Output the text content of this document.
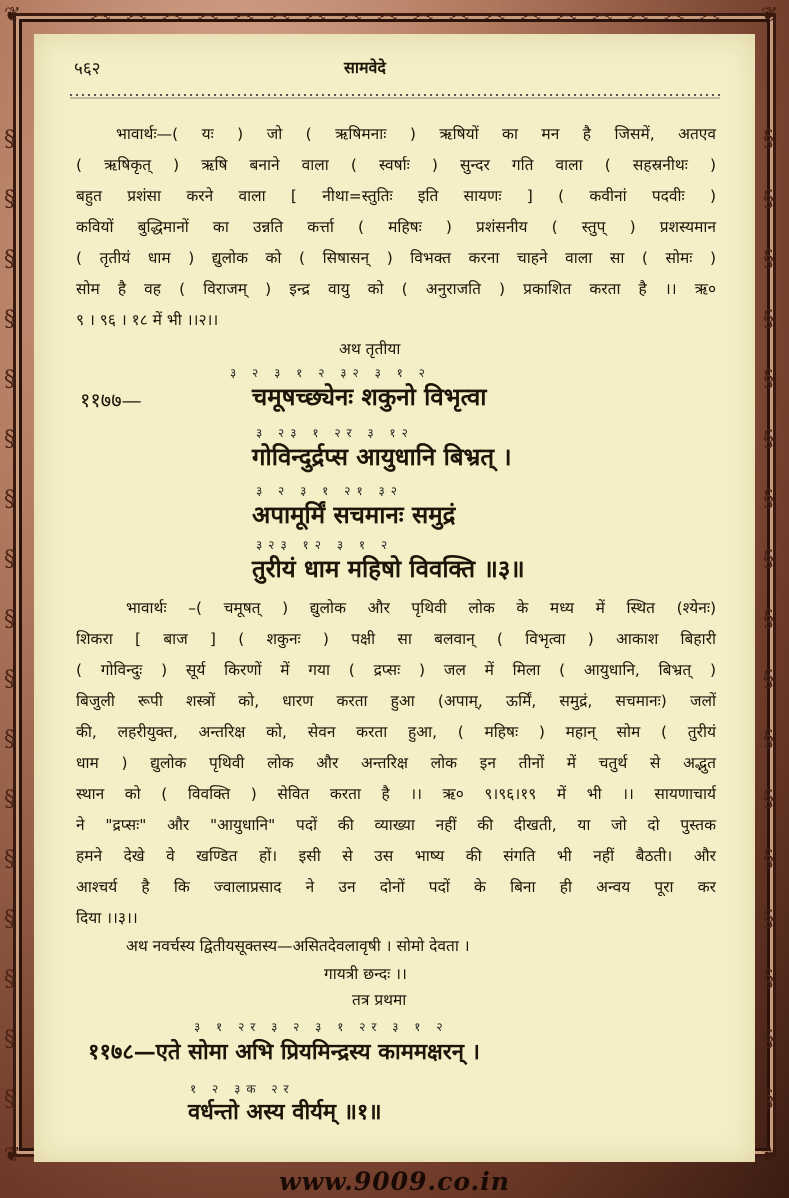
❦	❦
❦	❦
෴ ෴ ෴ ෴ ෴ ෴ ෴ ෴ ෴ ෴ ෴ ෴ ෴ ෴ ෴ ෴ ෴ ෴
§ § § § § § § § § § § § § § § § §
§ § § § § § § § § § § § § § § § §
५६२	सामवेदे
भावार्थः—( यः ) जो ( ऋषिमनाः ) ऋषियों का मन है जिसमें, अतएव
( ऋषिकृत् ) ऋषि बनाने वाला ( स्वर्षाः ) सुन्दर गति वाला ( सहस्रनीथः )
बहुत प्रशंसा करने वाला [ नीथा=स्तुतिः इति सायणः ] ( कवीनां पदवीः )
कवियों बुद्धिमानों का उन्नति कर्त्ता ( महिषः ) प्रशंसनीय ( स्तुप् ) प्रशस्यमान
( तृतीयं धाम ) द्युलोक को ( सिषासन् ) विभक्त करना चाहने वाला सा ( सोमः )
सोम है वह ( विराजम् ) इन्द्र वायु को ( अनुराजति ) प्रकाशित करता है ।। ऋ०
९ । ९६ । १८ में भी ।।२।।
अथ तृतीया
३ २ ३ १ २ ३२ ३ १ २
११७७—	चमूषच्छ्येनः शकुनो विभृत्वा
३ २३ १ २र ३ १२
गोविन्दुर्द्रप्स आयुधानि बिभ्रत् ।
३ २ ३ १ २१ ३२
अपामूर्मिं सचमानः समुद्रं
३२३ १२ ३ १ २
तुरीयं धाम महिषो विवक्ति ॥३॥
भावार्थः –( चमूषत् ) द्युलोक और पृथिवी लोक के मध्य में स्थित (श्येनः)
शिकरा [ बाज ] ( शकुनः ) पक्षी सा बलवान् ( विभृत्वा ) आकाश बिहारी
( गोविन्दुः ) सूर्य किरणों में गया ( द्रप्सः ) जल में मिला ( आयुधानि, बिभ्रत् )
बिजुली रूपी शस्त्रों को, धारण करता हुआ (अपाम्, ऊर्मिं, समुद्रं, सचमानः) जलों
की, लहरीयुक्त, अन्तरिक्ष को, सेवन करता हुआ, ( महिषः ) महान् सोम ( तुरीयं
धाम ) द्युलोक पृथिवी लोक और अन्तरिक्ष लोक इन तीनों में चतुर्थ से अद्भुत
स्थान को ( विवक्ति ) सेवित करता है ।। ऋ० ९।९६।१९ में भी ।। सायणाचार्य
ने "द्रप्सः" और "आयुधानि" पदों की व्याख्या नहीं की दीखती, या जो दो पुस्तक
हमने देखे वे खण्डित हों। इसी से उस भाष्य की संगति भी नहीं बैठती। और
आश्चर्य है कि ज्वालाप्रसाद ने उन दोनों पदों के बिना ही अन्वय पूरा कर
दिया ।।३।।
अथ नवर्चस्य द्वितीयसूक्तस्य—असितदेवलावृषी । सोमो देवता ।
गायत्री छन्दः ।।
तत्र प्रथमा
३ १ २र ३ २ ३ १ २र ३ १ २
११७८—एते सोमा अभि प्रियमिन्द्रस्य काममक्षरन् ।
१ २ ३क २र
वर्धन्तो अस्य वीर्यम् ॥१॥
www.9009.co.in
